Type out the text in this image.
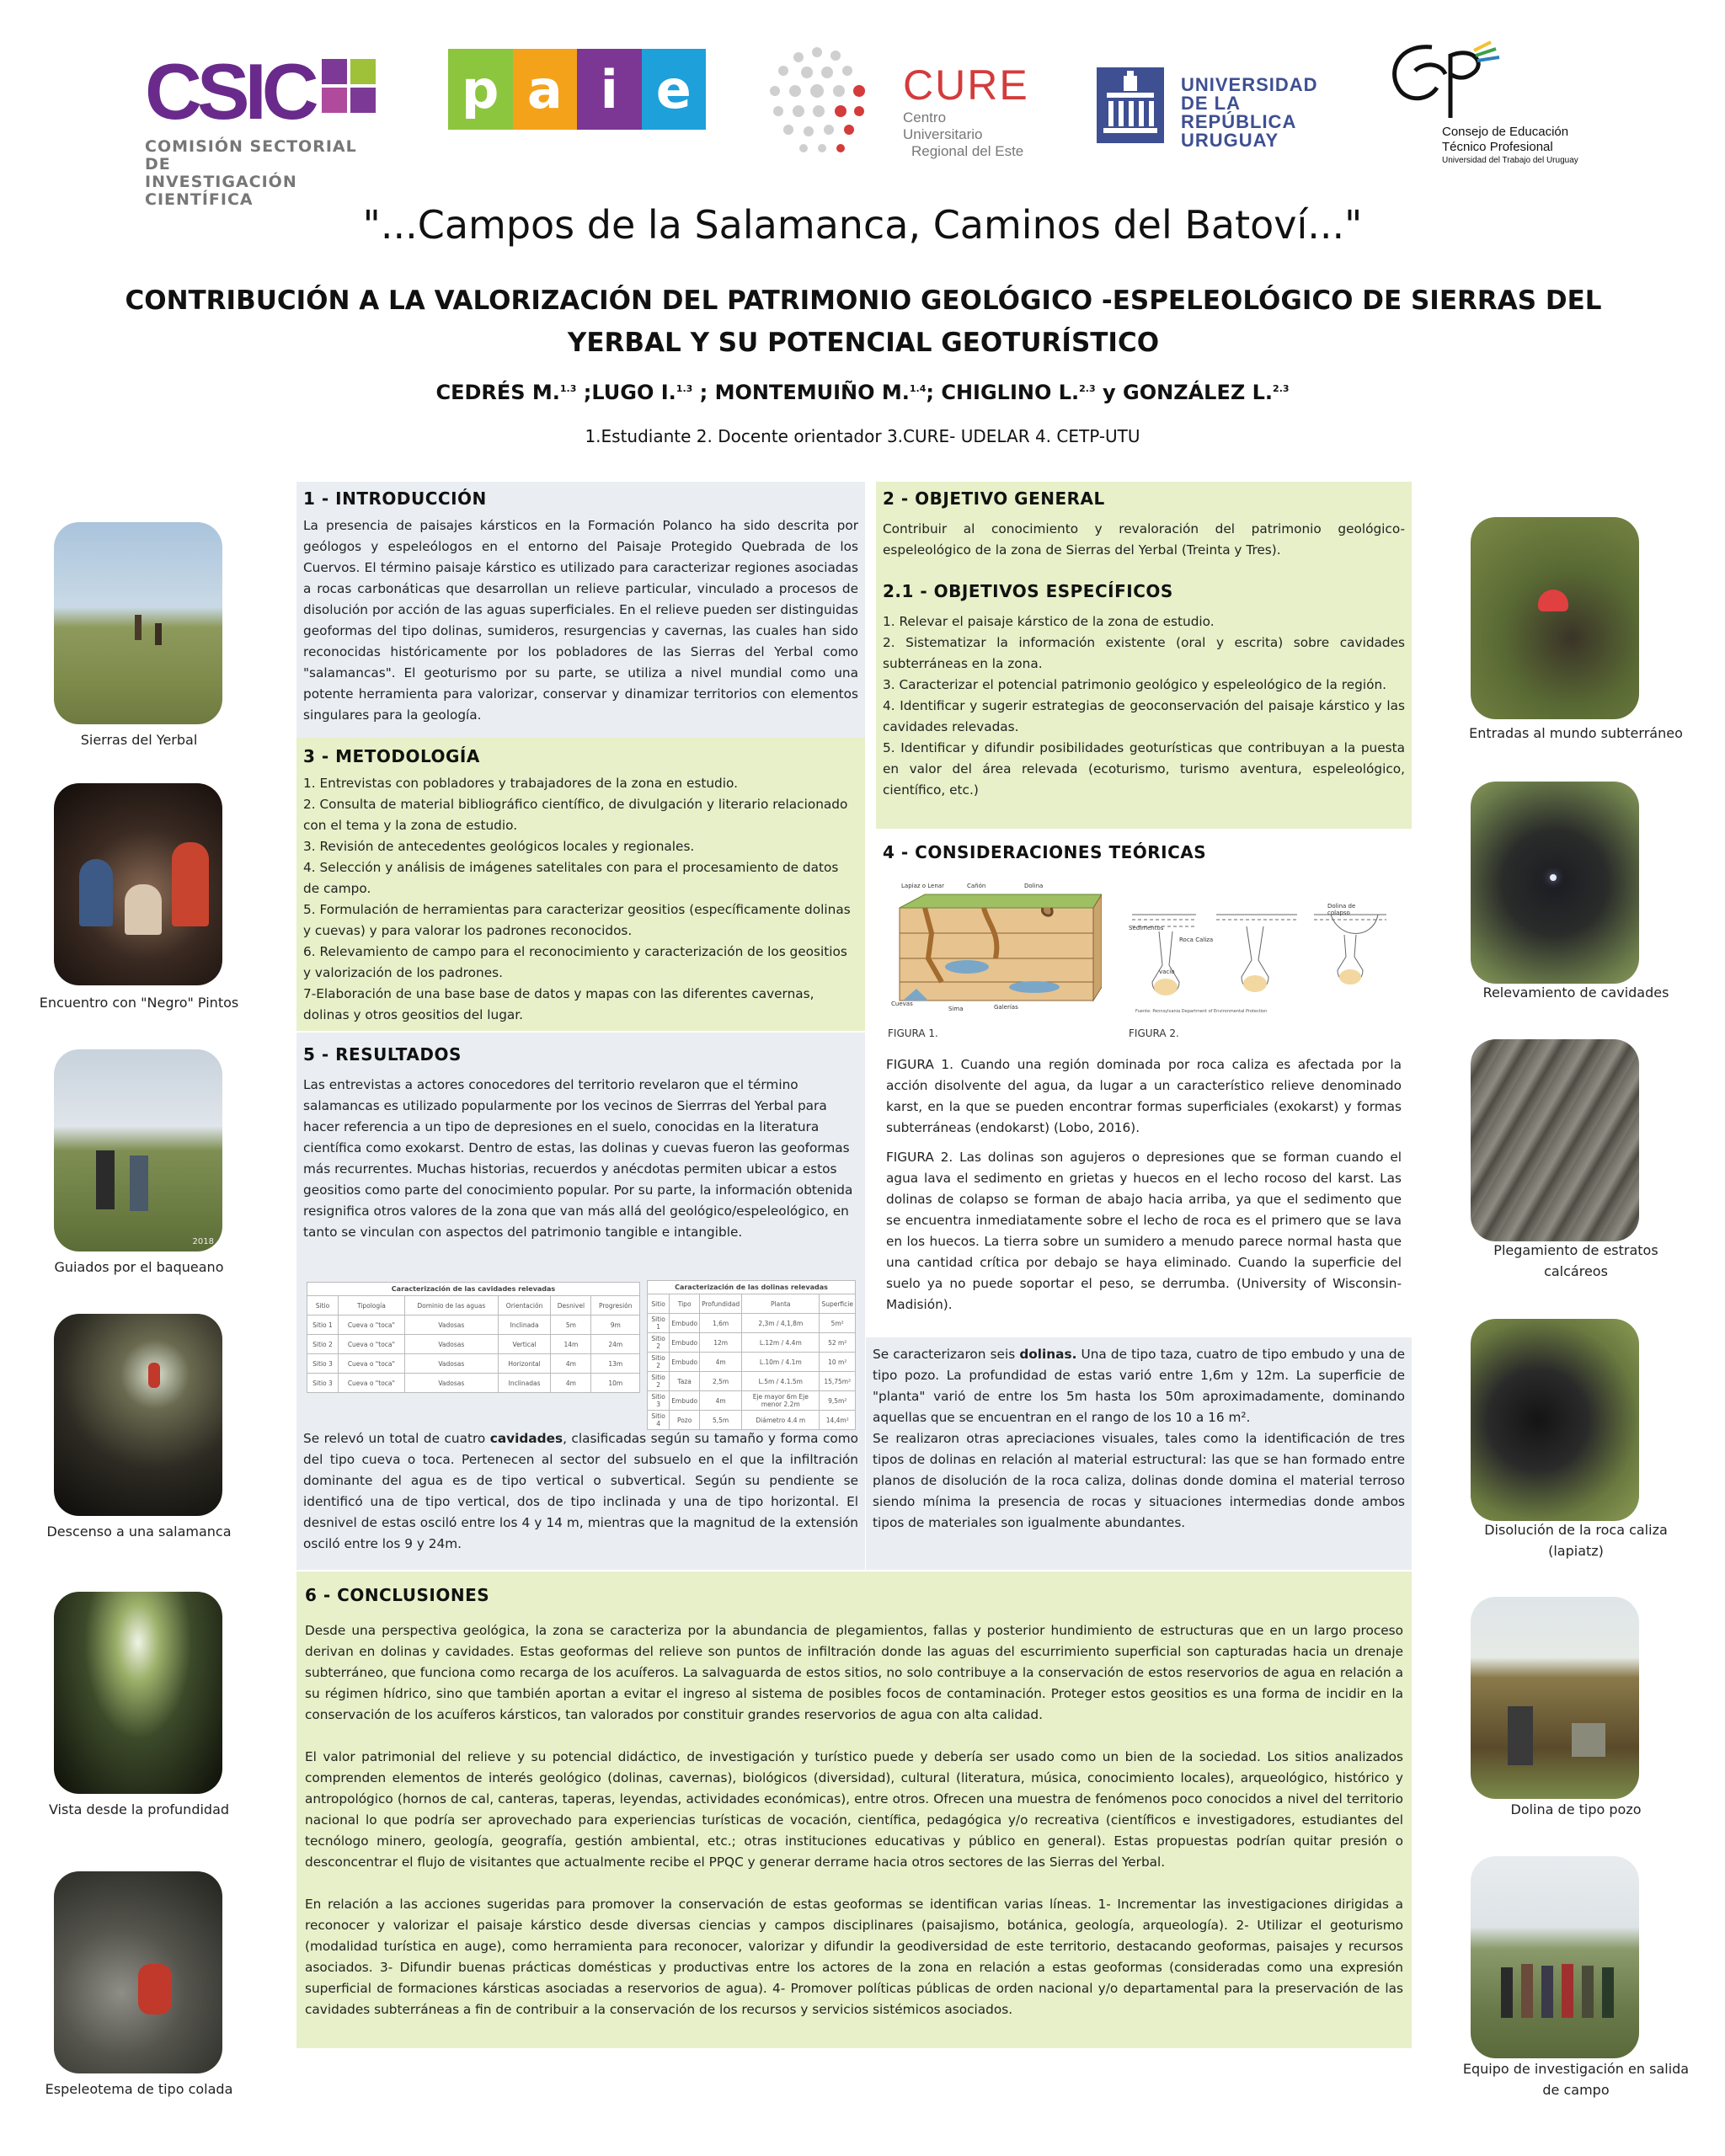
CSIC
COMISIÓN SECTORIAL DE
INVESTIGACIÓN CIENTÍFICA
p a i e	CURE
Centro Universitario
Regional del Este
UNIVERSIDAD
DE LA REPÚBLICA
URUGUAY	Consejo de Educación
Técnico Profesional
Universidad del Trabajo del Uruguay
"...Campos de la Salamanca, Caminos del Batoví..."
CONTRIBUCIÓN A LA VALORIZACIÓN DEL PATRIMONIO GEOLÓGICO -ESPELEOLÓGICO DE SIERRAS DEL YERBAL Y SU POTENCIAL GEOTURÍSTICO
CEDRÉS M.$^{1.3}$ ;LUGO I.$^{1.3}$ ; MONTEMUIÑO M.$^{1.4}$; CHIGLINO L.$^{2.3}$ y GONZÁLEZ L.$^{2.3}$
1.Estudiante 2. Docente orientador 3.CURE- UDELAR 4. CETP-UTU
1 - INTRODUCCIÓN

La presencia de paisajes kársticos en la Formación Polanco ha sido descrita por geólogos y espeleólogos en el entorno del Paisaje Protegido Quebrada de los Cuervos. El término paisaje kárstico es utilizado para caracterizar regiones asociadas a rocas carbonáticas que desarrollan un relieve particular, vinculado a procesos de disolución por acción de las aguas superficiales. En el relieve pueden ser distinguidas geoformas del tipo dolinas, sumideros, resurgencias y cavernas, las cuales han sido reconocidas históricamente por los pobladores de las Sierras del Yerbal como "salamancas". El geoturismo por su parte, se utiliza a nivel mundial como una potente herramienta para valorizar, conservar y dinamizar territorios con elementos singulares para la geología.

3 - METODOLOGÍA

1. Entrevistas con pobladores y trabajadores de la zona en estudio.

2. Consulta de material bibliográfico científico, de divulgación y literario relacionado con el tema y la zona de estudio.

3. Revisión de antecedentes geológicos locales y regionales.

4. Selección y análisis de imágenes satelitales con para el procesamiento de datos de campo.

5. Formulación de herramientas para caracterizar geositios (específicamente dolinas y cuevas) y para valorar los padrones reconocidos.

6. Relevamiento de campo para el reconocimiento y caracterización de los geositios y valorización de los padrones.

7-Elaboración de una base base de datos y mapas con las diferentes cavernas, dolinas y otros geositios del lugar.

5 - RESULTADOS

Las entrevistas a actores conocedores del territorio revelaron que el término salamancas es utilizado popularmente por los vecinos de Sierrras del Yerbal para hacer referencia a un tipo de depresiones en el suelo, conocidas en la literatura científica como exokarst. Dentro de estas, las dolinas y cuevas fueron las geoformas más recurrentes. Muchas historias, recuerdos y anécdotas permiten ubicar a estos geositios como parte del conocimiento popular. Por su parte, la información obtenida resignifica otros valores de la zona que van más allá del geológico/espeleológico, en tanto se vinculan con aspectos del patrimonio tangible e intangible.

Caracterización de las cavidades relevadas
Sitio	Tipología	Dominio de las aguas	Orientación	Desnivel	Progresión
Sitio 1	Cueva o "toca"	Vadosas	Inclinada	5m	9m
Sitio 2	Cueva o "toca"	Vadosas	Vertical	14m	24m
Sitio 3	Cueva o "toca"	Vadosas	Horizontal	4m	13m
Sitio 3	Cueva o "toca"	Vadosas	Inclinadas	4m	10m
Caracterización de las dolinas relevadas
Sitio	Tipo	Profundidad	Planta	Superficie
Sitio 1	Embudo	1,6m	2,3m / 4,1,8m	5m²
Sitio 2	Embudo	12m	L.12m / 4.4m	52 m²
Sitio 2	Embudo	4m	L.10m / 4.1m	10 m²
Sitio 2	Taza	2,5m	L.5m / 4.1.5m	15,75m²
Sitio 3	Embudo	4m	Eje mayor 6m Eje menor 2.2m	9,5m²
Sitio 4	Pozo	5,5m	Diámetro 4.4 m	14,4m²

Se relevó un total de cuatro cavidades, clasificadas según su tamaño y forma como del tipo cueva o toca. Pertenecen al sector del subsuelo en el que la infiltración dominante del agua es de tipo vertical o subvertical. Según su pendiente se identificó una de tipo vertical, dos de tipo inclinada y una de tipo horizontal. El desnivel de estas osciló entre los 4 y 14 m, mientras que la magnitud de la extensión osciló entre los 9 y 24m.

2 - OBJETIVO GENERAL

Contribuir al conocimiento y revaloración del patrimonio geológico-espeleológico de la zona de Sierras del Yerbal (Treinta y Tres).

2.1 - OBJETIVOS ESPECÍFICOS

1. Relevar el paisaje kárstico de la zona de estudio.

2. Sistematizar la información existente (oral y escrita) sobre cavidades subterráneas en la zona.

3. Caracterizar el potencial patrimonio geológico y espeleológico de la región.

4. Identificar y sugerir estrategias de geoconservación del paisaje kárstico y las cavidades relevadas.

5. Identificar y difundir posibilidades geoturísticas que contribuyan a la puesta en valor del área relevada (ecoturismo, turismo aventura, espeleológico, científico, etc.)

4 - CONSIDERACIONES TEÓRICAS
Lapiaz o Lenar	Cañón	Dolina
Cuevas
Sima	Galerías
FIGURA 1.
Sedimentos
Roca Caliza
vacío
Dolina de colapso
Fuente: Pennsylvania Department of Environmental Protection
FIGURA 2.

FIGURA 1. Cuando una región dominada por roca caliza es afectada por la acción disolvente del agua, da lugar a un característico relieve denominado karst, en la que se pueden encontrar formas superficiales (exokarst) y formas subterráneas (endokarst) (Lobo, 2016).

FIGURA 2. Las dolinas son agujeros o depresiones que se forman cuando el agua lava el sedimento en grietas y huecos en el lecho rocoso del karst. Las dolinas de colapso se forman de abajo hacia arriba, ya que el sedimento que se encuentra inmediatamente sobre el lecho de roca es el primero que se lava en los huecos. La tierra sobre un sumidero a menudo parece normal hasta que una cantidad crítica por debajo se haya eliminado. Cuando la superficie del suelo ya no puede soportar el peso, se derrumba. (University of Wisconsin-Madisión).

Se caracterizaron seis dolinas. Una de tipo taza, cuatro de tipo embudo y una de tipo pozo. La profundidad de estas varió entre 1,6m y 12m. La superficie de "planta" varió de entre los 5m hasta los 50m aproximadamente, dominando aquellas que se encuentran en el rango de los 10 a 16 m².

Se realizaron otras apreciaciones visuales, tales como la identificación de tres tipos de dolinas en relación al material estructural: las que se han formado entre planos de disolución de la roca caliza, dolinas donde domina el material terroso siendo mínima la presencia de rocas y situaciones intermedias donde ambos tipos de materiales son igualmente abundantes.

6 - CONCLUSIONES

Desde una perspectiva geológica, la zona se caracteriza por la abundancia de plegamientos, fallas y posterior hundimiento de estructuras que en un largo proceso derivan en dolinas y cavidades. Estas geoformas del relieve son puntos de infiltración donde las aguas del escurrimiento superficial son capturadas hacia un drenaje subterráneo, que funciona como recarga de los acuíferos. La salvaguarda de estos sitios, no solo contribuye a la conservación de estos reservorios de agua en relación a su régimen hídrico, sino que también aportan a evitar el ingreso al sistema de posibles focos de contaminación. Proteger estos geositios es una forma de incidir en la conservación de los acuíferos kársticos, tan valorados por constituir grandes reservorios de agua con alta calidad.

El valor patrimonial del relieve y su potencial didáctico, de investigación y turístico puede y debería ser usado como un bien de la sociedad. Los sitios analizados comprenden elementos de interés geológico (dolinas, cavernas), biológicos (diversidad), cultural (literatura, música, conocimiento locales), arqueológico, histórico y antropológico (hornos de cal, canteras, taperas, leyendas, actividades económicas), entre otros. Ofrecen una muestra de fenómenos poco conocidos a nivel del territorio nacional lo que podría ser aprovechado para experiencias turísticas de vocación, científica, pedagógica y/o recreativa (científicos e investigadores, estudiantes del tecnólogo minero, geología, geografía, gestión ambiental, etc.; otras instituciones educativas y público en general). Estas propuestas podrían quitar presión o desconcentrar el flujo de visitantes que actualmente recibe el PPQC y generar derrame hacia otros sectores de las Sierras del Yerbal.

En relación a las acciones sugeridas para promover la conservación de estas geoformas se identifican varias líneas. 1- Incrementar las investigaciones dirigidas a reconocer y valorizar el paisaje kárstico desde diversas ciencias y campos disciplinares (paisajismo, botánica, geología, arqueología). 2- Utilizar el geoturismo (modalidad turística en auge), como herramienta para reconocer, valorizar y difundir la geodiversidad de este territorio, destacando geoformas, paisajes y recursos asociados. 3- Difundir buenas prácticas domésticas y productivas entre los actores de la zona en relación a estas geoformas (consideradas como una expresión superficial de formaciones kársticas asociadas a reservorios de agua). 4- Promover políticas públicas de orden nacional y/o departamental para la preservación de las cavidades subterráneas a fin de contribuir a la conservación de los recursos y servicios sistémicos asociados.

Sierras del Yerbal
Encuentro con "Negro" Pintos
2018
Guiados por el baqueano
Descenso a una salamanca
Vista desde la profundidad
Espeleotema de tipo colada
Entradas al mundo subterráneo
Relevamiento de cavidades
Plegamiento de estratos calcáreos
Disolución de la roca caliza (lapiatz)
Dolina de tipo pozo
Equipo de investigación en salida de campo
